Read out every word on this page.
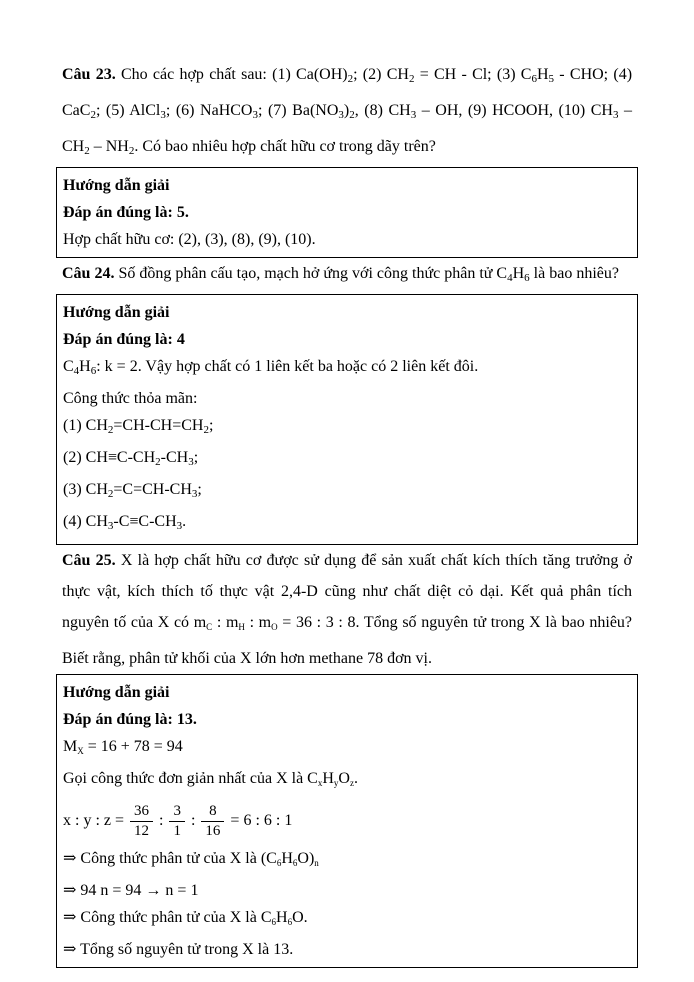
Câu 23. Cho các hợp chất sau: (1) $Ca(OH)_2$; (2) $CH_2$ = CH - Cl; (3) $C_6H_5$ - CHO; (4)
CaC$_2$; (5) AlCl$_3$; (6) NaHCO$_3$; (7) $Ba(NO_3)_2$, (8) $CH_3$ – OH, (9) HCOOH, (10) $CH_3$ –
$CH_2 - NH_2$. Có bao nhiêu hợp chất hữu cơ trong dãy trên?
Hướng dẫn giải
Đáp án đúng là: 5.
Hợp chất hữu cơ: (2), (3), (8), (9), (10).
Câu 24. Số đồng phân cấu tạo, mạch hở ứng với công thức phân tử $C_4H_6$ là bao nhiêu?
Hướng dẫn giải
Đáp án đúng là: 4
$C_4H_6$: k = 2. Vậy hợp chất có 1 liên kết ba hoặc có 2 liên kết đôi.
Công thức thỏa mãn:
(1) $CH_2=CH-CH=CH_2$;
(2) $CH\equiv C-CH_2-CH_3$;
(3) $CH_2=C=CH-CH_3$;
(4) $CH_3-C\equiv C-CH_3$.
Câu 25. X là hợp chất hữu cơ được sử dụng để sản xuất chất kích thích tăng trưởng ở
thực vật, kích thích tố thực vật 2,4-D cũng như chất diệt cỏ dại. Kết quả phân tích
nguyên tố của X có mC : mH : mO = 36 : 3 : 8. Tổng số nguyên tử trong X là bao nhiêu?
Biết rằng, phân tử khối của X lớn hơn methane 78 đơn vị.
Hướng dẫn giải
Đáp án đúng là: 13.
MX = 16 + 78 = 94
Gọi công thức đơn giản nhất của X là CxHyOz.
x : y : $z = \frac{36}{12}$ : $\frac{3}{1}$ : $\frac{8}{16} = 6$ : 6 : 1
⇒ Công thức phân tử của X là (C6H6O)n
⇒ 94 n = 94 → n = 1
⇒ Công thức phân tử của X là C6H6O.
⇒ Tổng số nguyên tử trong X là 13.
